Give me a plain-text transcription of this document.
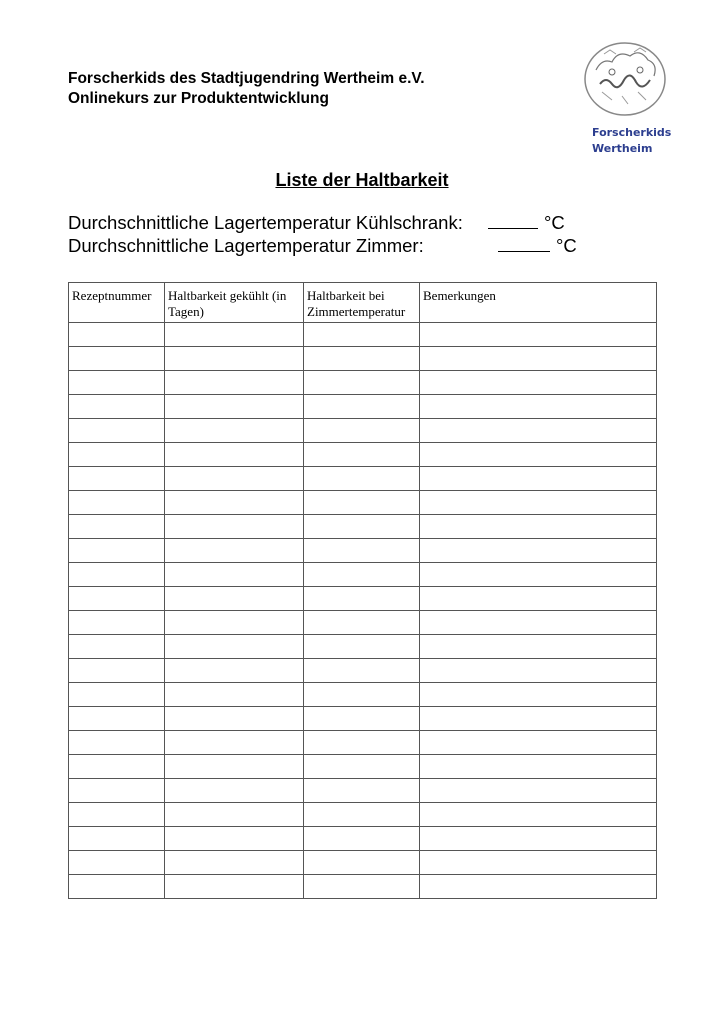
Forscherkids des Stadtjugendring Wertheim e.V.
Onlinekurs zur Produktentwicklung
Forscherkids
Wertheim
Liste der Haltbarkeit
Durchschnittliche Lagertemperatur Kühlschrank:	°C
Durchschnittliche Lagertemperatur Zimmer:	°C
Rezeptnummer	Haltbarkeit gekühlt (in Tagen)	Haltbarkeit bei Zimmertemperatur	Bemerkungen
